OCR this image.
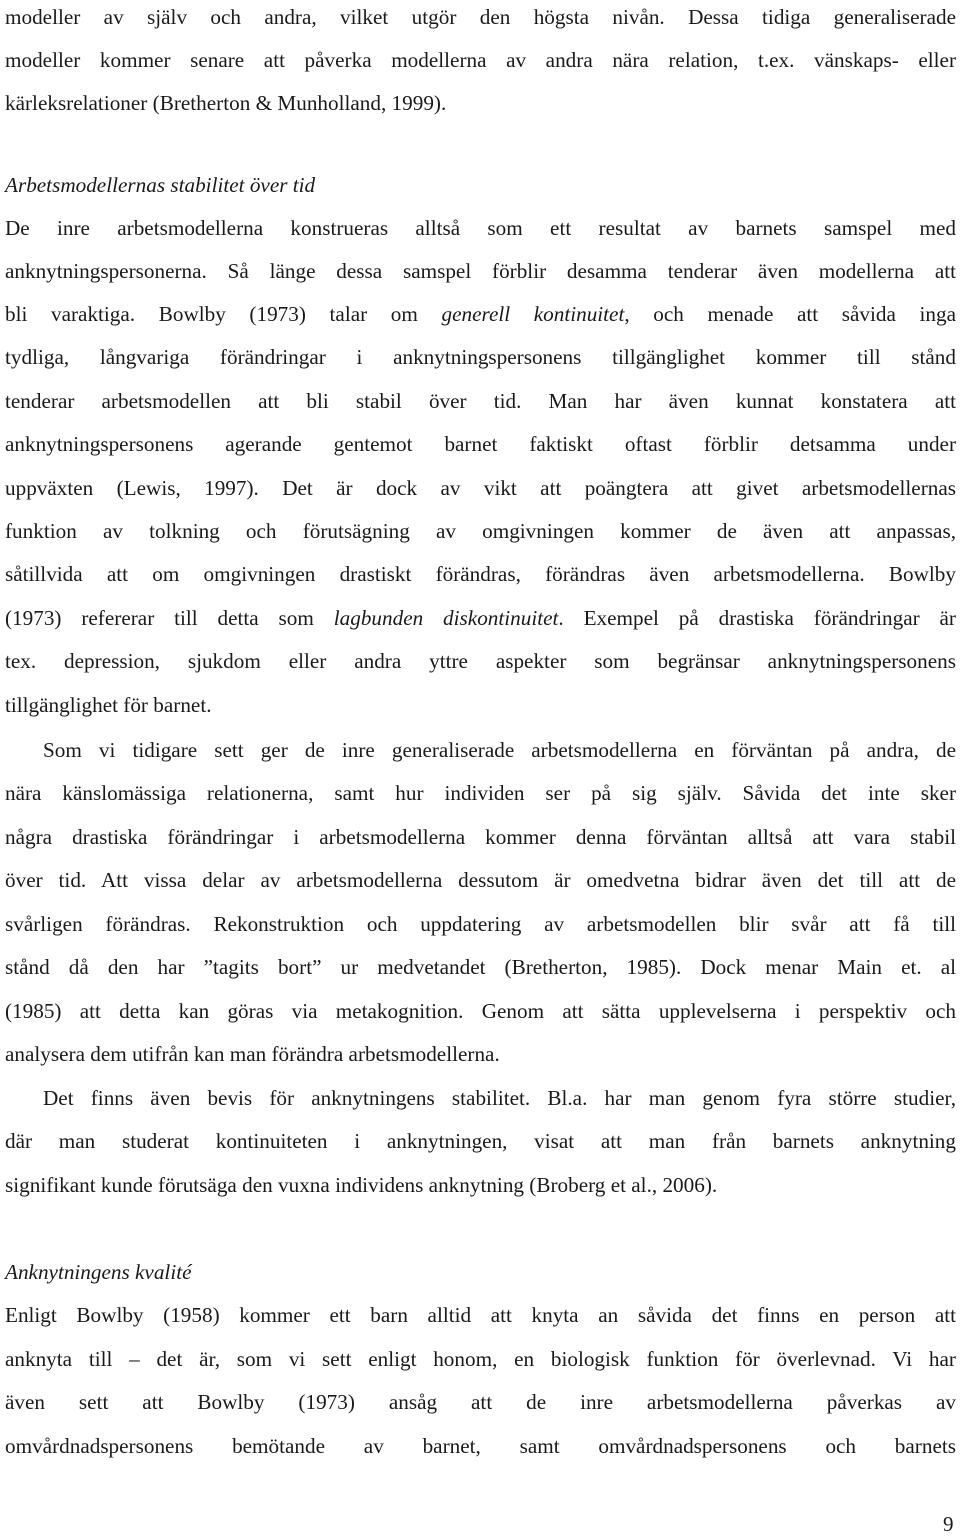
modeller av själv och andra, vilket utgör den högsta nivån. Dessa tidiga generaliserade
modeller kommer senare att påverka modellerna av andra nära relation, t.ex. vänskaps- eller
kärleksrelationer (Bretherton & Munholland, 1999).
Arbetsmodellernas stabilitet över tid
De inre arbetsmodellerna konstrueras alltså som ett resultat av barnets samspel med
anknytningspersonerna. Så länge dessa samspel förblir desamma tenderar även modellerna att
bli varaktiga. Bowlby (1973) talar om generell kontinuitet, och menade att såvida inga
tydliga, långvariga förändringar i anknytningspersonens tillgänglighet kommer till stånd
tenderar arbetsmodellen att bli stabil över tid. Man har även kunnat konstatera att
anknytningspersonens agerande gentemot barnet faktiskt oftast förblir detsamma under
uppväxten (Lewis, 1997). Det är dock av vikt att poängtera att givet arbetsmodellernas
funktion av tolkning och förutsägning av omgivningen kommer de även att anpassas,
såtillvida att om omgivningen drastiskt förändras, förändras även arbetsmodellerna. Bowlby
(1973) refererar till detta som lagbunden diskontinuitet. Exempel på drastiska förändringar är
tex. depression, sjukdom eller andra yttre aspekter som begränsar anknytningspersonens
tillgänglighet för barnet.
Som vi tidigare sett ger de inre generaliserade arbetsmodellerna en förväntan på andra, de
nära känslomässiga relationerna, samt hur individen ser på sig själv. Såvida det inte sker
några drastiska förändringar i arbetsmodellerna kommer denna förväntan alltså att vara stabil
över tid. Att vissa delar av arbetsmodellerna dessutom är omedvetna bidrar även det till att de
svårligen förändras. Rekonstruktion och uppdatering av arbetsmodellen blir svår att få till
stånd då den har ”tagits bort” ur medvetandet (Bretherton, 1985). Dock menar Main et. al
(1985) att detta kan göras via metakognition. Genom att sätta upplevelserna i perspektiv och
analysera dem utifrån kan man förändra arbetsmodellerna.
Det finns även bevis för anknytningens stabilitet. Bl.a. har man genom fyra större studier,
där man studerat kontinuiteten i anknytningen, visat att man från barnets anknytning
signifikant kunde förutsäga den vuxna individens anknytning (Broberg et al., 2006).
Anknytningens kvalité
Enligt Bowlby (1958) kommer ett barn alltid att knyta an såvida det finns en person att
anknyta till – det är, som vi sett enligt honom, en biologisk funktion för överlevnad. Vi har
även sett att Bowlby (1973) ansåg att de inre arbetsmodellerna påverkas av
omvårdnadspersonens bemötande av barnet, samt omvårdnadspersonens och barnets
9
